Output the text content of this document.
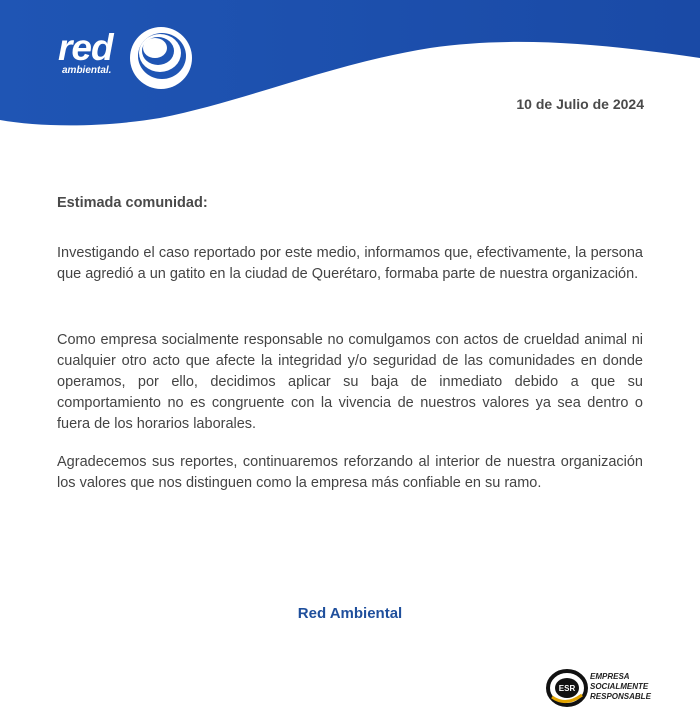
red
ambiental.
10 de Julio de 2024
Estimada comunidad:
Investigando el caso reportado por este medio, informamos que, efectivamente, la persona que agredió a un gatito en la ciudad de Querétaro, formaba parte de nuestra organización.
Como empresa socialmente responsable no comulgamos con actos de crueldad animal ni cualquier otro acto que afecte la integridad y/o seguridad de las comunidades en donde operamos, por ello, decidimos aplicar su baja de inmediato debido a que su comportamiento no es congruente con la vivencia de nuestros valores ya sea dentro o fuera de los horarios laborales.
Agradecemos sus reportes, continuaremos reforzando al interior de nuestra organización los valores que nos distinguen como la empresa más confiable en su ramo.
Red Ambiental
ESR
EMPRESA
SOCIALMENTE
RESPONSABLE
